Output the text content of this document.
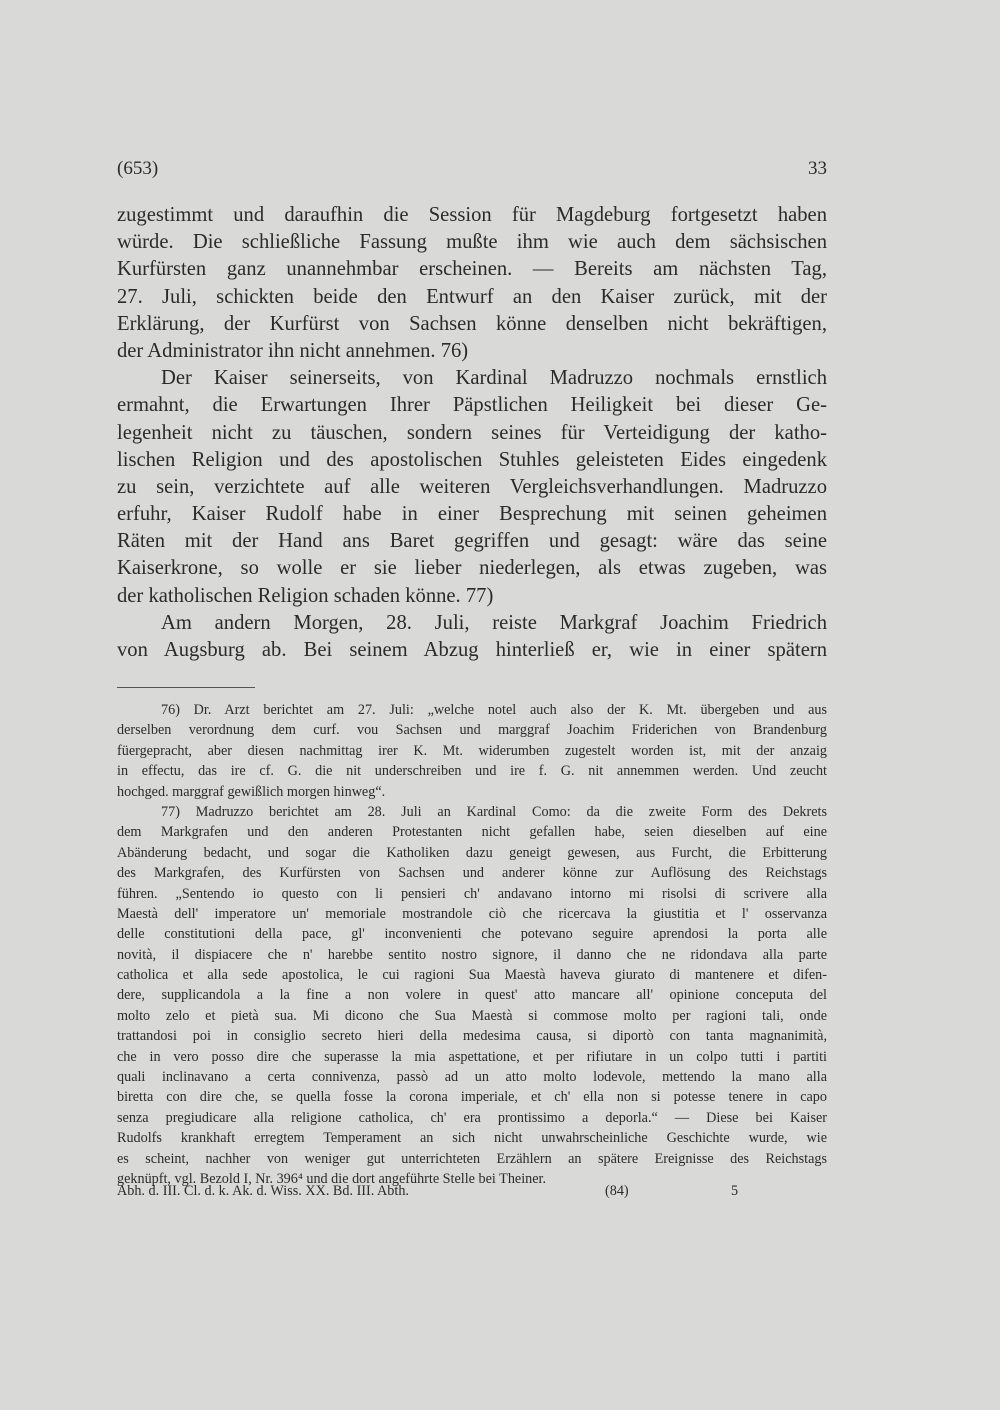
(653)	33
zugestimmt und daraufhin die Session für Magdeburg fortgesetzt haben
würde. Die schließliche Fassung mußte ihm wie auch dem sächsischen
Kurfürsten ganz unannehmbar erscheinen. — Bereits am nächsten Tag,
27. Juli, schickten beide den Entwurf an den Kaiser zurück, mit der
Erklärung, der Kurfürst von Sachsen könne denselben nicht bekräftigen,
der Administrator ihn nicht annehmen. 76)
Der Kaiser seinerseits, von Kardinal Madruzzo nochmals ernstlich
ermahnt, die Erwartungen Ihrer Päpstlichen Heiligkeit bei dieser Ge-
legenheit nicht zu täuschen, sondern seines für Verteidigung der katho-
lischen Religion und des apostolischen Stuhles geleisteten Eides eingedenk
zu sein, verzichtete auf alle weiteren Vergleichsverhandlungen. Madruzzo
erfuhr, Kaiser Rudolf habe in einer Besprechung mit seinen geheimen
Räten mit der Hand ans Baret gegriffen und gesagt: wäre das seine
Kaiserkrone, so wolle er sie lieber niederlegen, als etwas zugeben, was
der katholischen Religion schaden könne. 77)
Am andern Morgen, 28. Juli, reiste Markgraf Joachim Friedrich
von Augsburg ab. Bei seinem Abzug hinterließ er, wie in einer spätern
76) Dr. Arzt berichtet am 27. Juli: „welche notel auch also der K. Mt. übergeben und aus
derselben verordnung dem curf. vou Sachsen und marggraf Joachim Friderichen von Brandenburg
füergepracht, aber diesen nachmittag irer K. Mt. widerumben zugestelt worden ist, mit der anzaig
in effectu, das ire cf. G. die nit underschreiben und ire f. G. nit annemmen werden. Und zeucht
hochged. marggraf gewißlich morgen hinweg“.
77) Madruzzo berichtet am 28. Juli an Kardinal Como: da die zweite Form des Dekrets
dem Markgrafen und den anderen Protestanten nicht gefallen habe, seien dieselben auf eine
Abänderung bedacht, und sogar die Katholiken dazu geneigt gewesen, aus Furcht, die Erbitterung
des Markgrafen, des Kurfürsten von Sachsen und anderer könne zur Auflösung des Reichstags
führen. „Sentendo io questo con li pensieri ch' andavano intorno mi risolsi di scrivere alla
Maestà dell' imperatore un' memoriale mostrandole ciò che ricercava la giustitia et l' osservanza
delle constitutioni della pace, gl' inconvenienti che potevano seguire aprendosi la porta alle
novità, il dispiacere che n' harebbe sentito nostro signore, il danno che ne ridondava alla parte
catholica et alla sede apostolica, le cui ragioni Sua Maestà haveva giurato di mantenere et difen-
dere, supplicandola a la fine a non volere in quest' atto mancare all' opinione conceputa del
molto zelo et pietà sua. Mi dicono che Sua Maestà si commose molto per ragioni tali, onde
trattandosi poi in consiglio secreto hieri della medesima causa, si diportò con tanta magnanimità,
che in vero posso dire che superasse la mia aspettatione, et per rifiutare in un colpo tutti i partiti
quali inclinavano a certa connivenza, passò ad un atto molto lodevole, mettendo la mano alla
biretta con dire che, se quella fosse la corona imperiale, et ch' ella non si potesse tenere in capo
senza pregiudicare alla religione catholica, ch' era prontissimo a deporla.“ — Diese bei Kaiser
Rudolfs krankhaft erregtem Temperament an sich nicht unwahrscheinliche Geschichte wurde, wie
es scheint, nachher von weniger gut unterrichteten Erzählern an spätere Ereignisse des Reichstags
geknüpft, vgl. Bezold I, Nr. 396⁴ und die dort angeführte Stelle bei Theiner.
Abh. d. III. Cl. d. k. Ak. d. Wiss. XX. Bd. III. Abth.	(84)	5
